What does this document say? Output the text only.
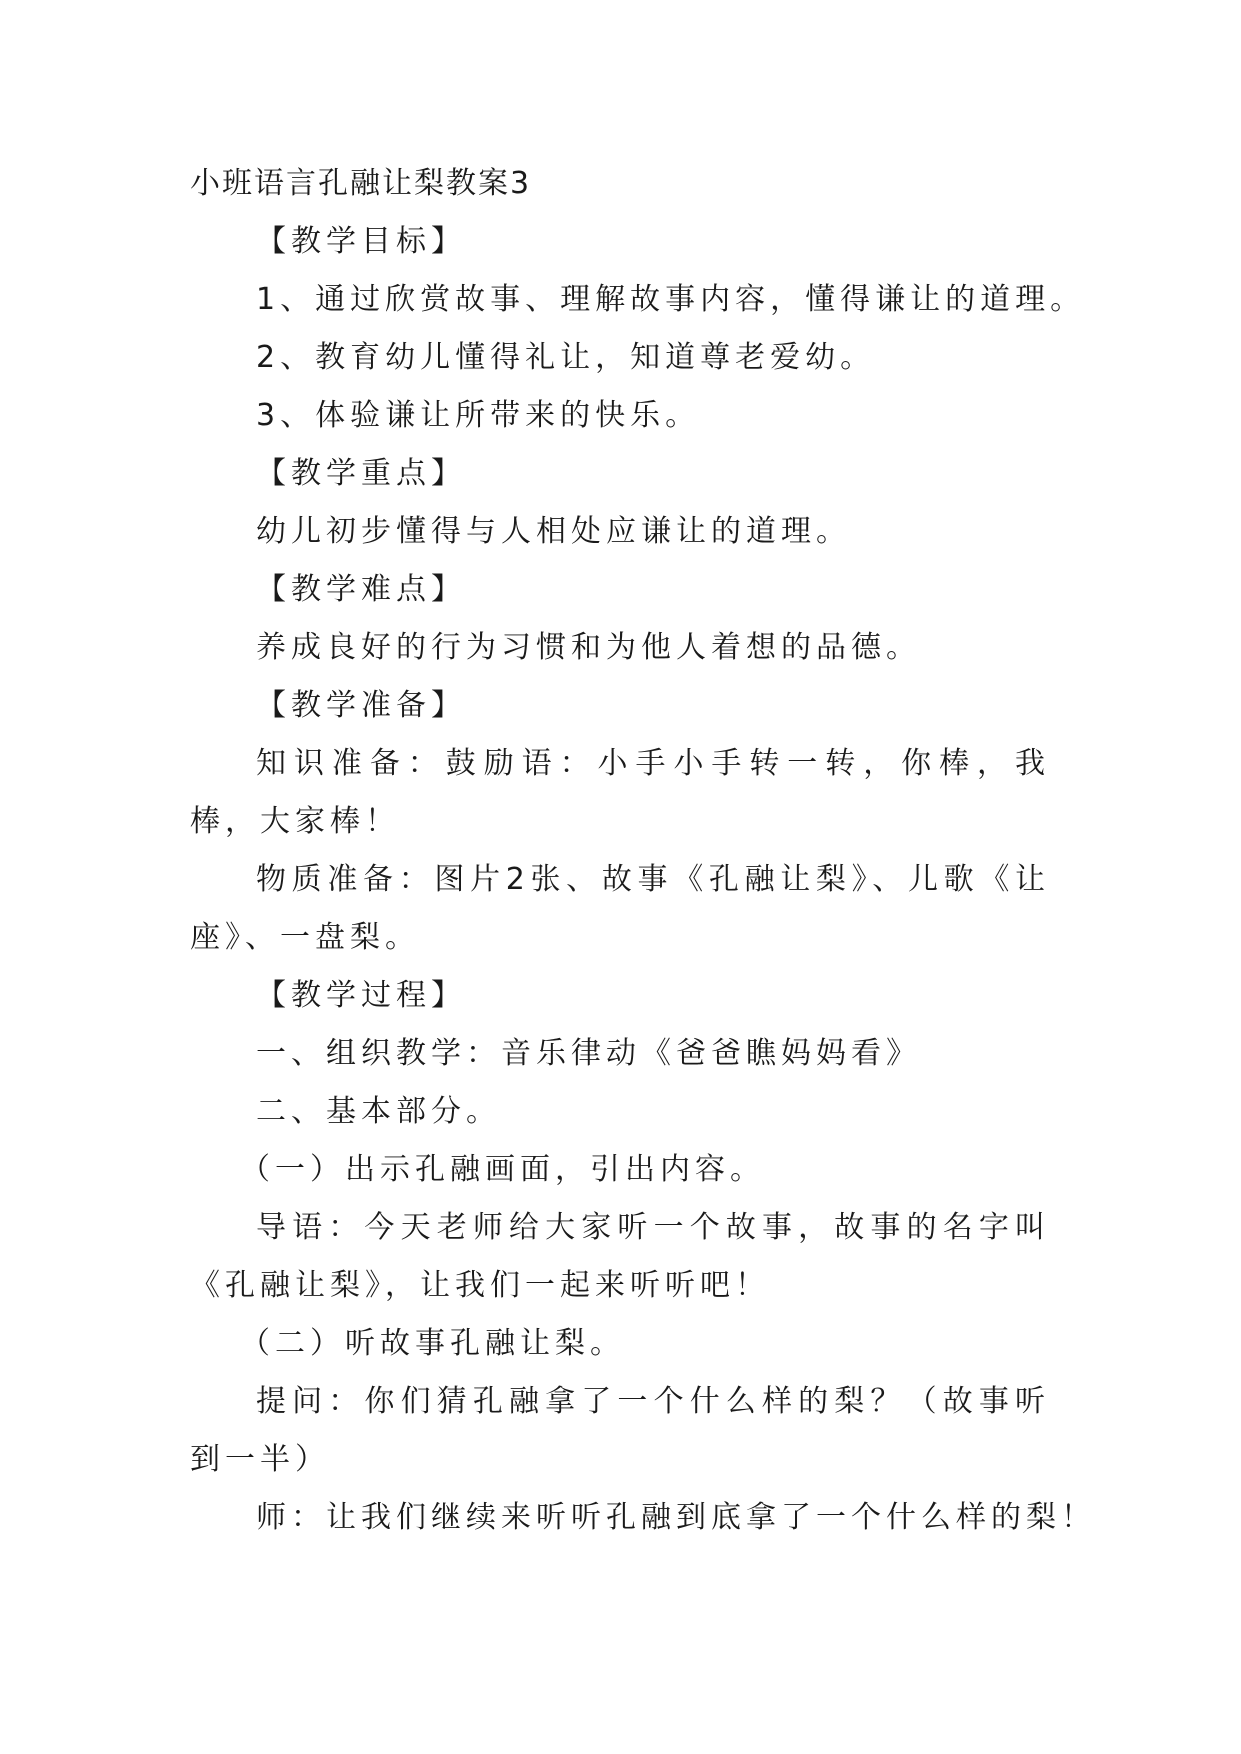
小班语言孔融让梨教案3
【教学目标】
1、通过欣赏故事、理解故事内容，懂得谦让的道理。
2、教育幼儿懂得礼让，知道尊老爱幼。
3、体验谦让所带来的快乐。
【教学重点】
幼儿初步懂得与人相处应谦让的道理。
【教学难点】
养成良好的行为习惯和为他人着想的品德。
【教学准备】
知识准备：鼓励语：小手小手转一转，你棒，我棒，大家棒！
物质准备：图片2张、故事《孔融让梨》、儿歌《让座》、一盘梨。
【教学过程】
一、组织教学：音乐律动《爸爸瞧妈妈看》
二、基本部分。
（一）出示孔融画面，引出内容。
导语：今天老师给大家听一个故事，故事的名字叫《孔融让梨》，让我们一起来听听吧！
（二）听故事孔融让梨。
提问：你们猜孔融拿了一个什么样的梨？（故事听到一半）
师：让我们继续来听听孔融到底拿了一个什么样的梨！
